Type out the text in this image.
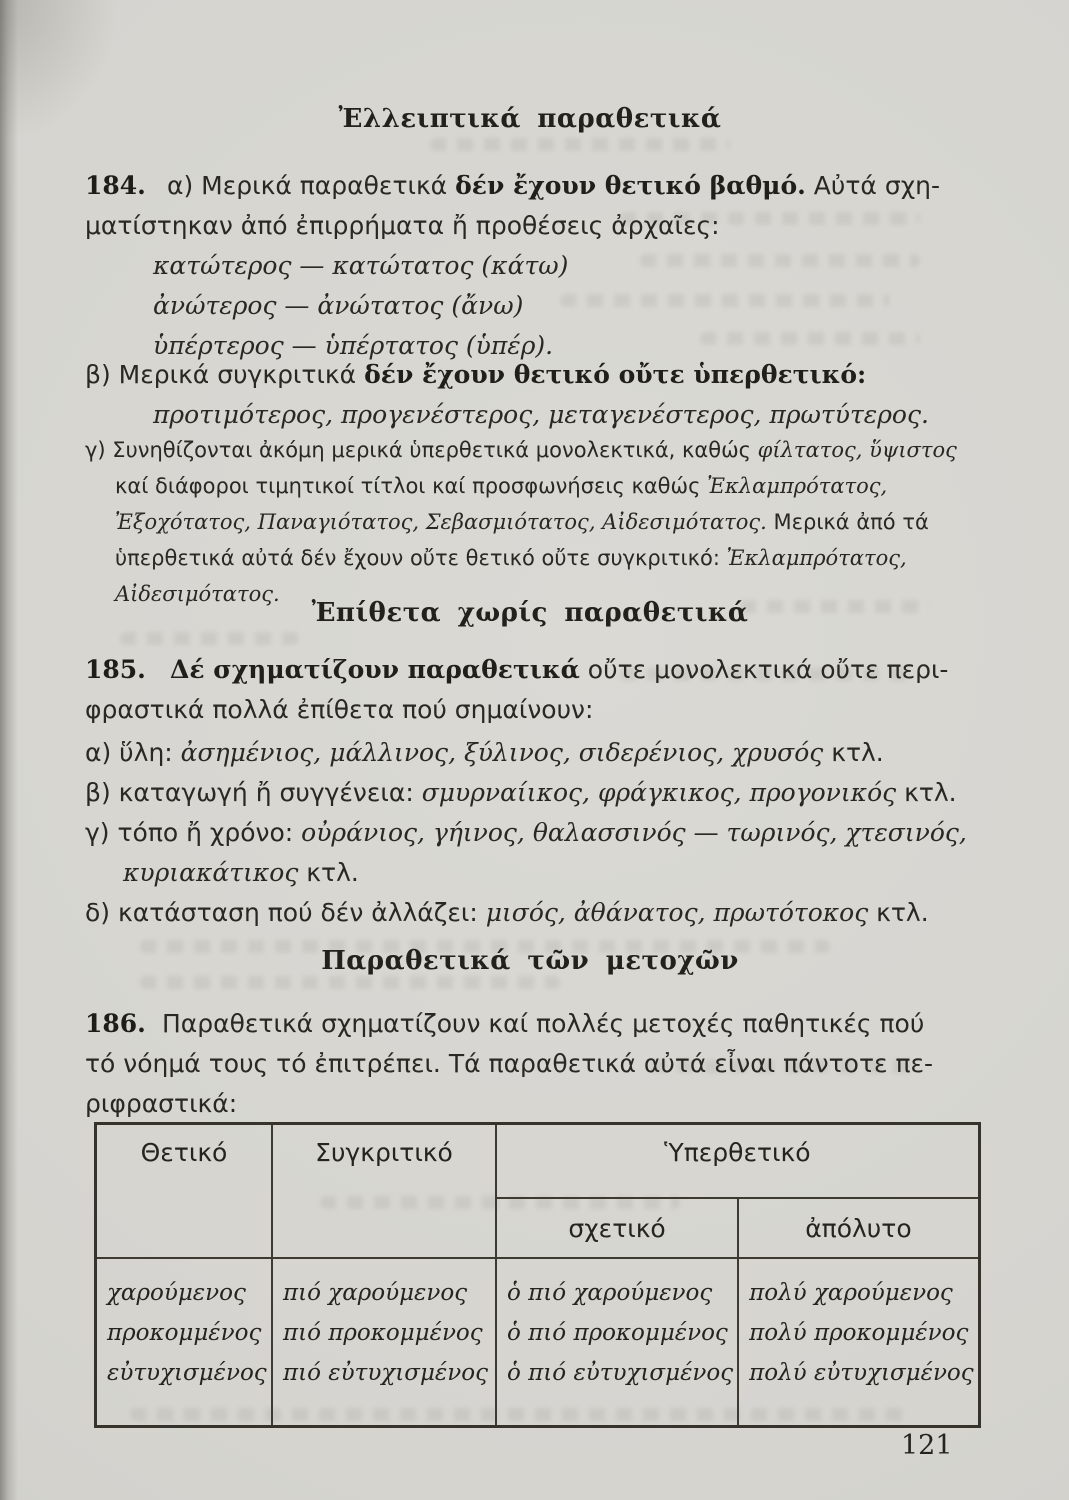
Ἐλλειπτικά παραθετικά
184. α) Μερικά παραθετικά δέν ἔχουν θετικό βαθμό. Αὐτά σχη-
ματίστηκαν ἀπό ἐπιρρήματα ἤ προθέσεις ἀρχαῖες:
κατώτερος — κατώτατος (κάτω)
ἀνώτερος — ἀνώτατος (ἄνω)
ὑπέρτερος — ὑπέρτατος (ὑπέρ).
β) Μερικά συγκριτικά δέν ἔχουν θετικό οὔτε ὑπερθετικό:
προτιμότερος, προγενέστερος, μεταγενέστερος, πρωτύτερος.
γ) Συνηθίζονται ἀκόμη μερικά ὑπερθετικά μονολεκτικά, καθώς φίλτατος, ὕψιστος
καί διάφοροι τιμητικοί τίτλοι καί προσφωνήσεις καθώς Ἐκλαμπρότατος,
Ἐξοχότατος, Παναγιότατος, Σεβασμιότατος, Αἰδεσιμότατος. Μερικά ἀπό τά
ὑπερθετικά αὐτά δέν ἔχουν οὔτε θετικό οὔτε συγκριτικό: Ἐκλαμπρότατος,
Αἰδεσιμότατος.
Ἐπίθετα χωρίς παραθετικά
185. Δέ σχηματίζουν παραθετικά οὔτε μονολεκτικά οὔτε περι-
φραστικά πολλά ἐπίθετα πού σημαίνουν:
α) ὕλη: ἀσημένιος, μάλλινος, ξύλινος, σιδερένιος, χρυσός κτλ.
β) καταγωγή ἤ συγγένεια: σμυρναίικος, φράγκικος, προγονικός κτλ.
γ) τόπο ἤ χρόνο: οὐράνιος, γήινος, θαλασσινός — τωρινός, χτεσινός,
κυριακάτικος κτλ.
δ) κατάσταση πού δέν ἀλλάζει: μισός, ἀθάνατος, πρωτότοκος κτλ.
Παραθετικά τῶν μετοχῶν
186. Παραθετικά σχηματίζουν καί πολλές μετοχές παθητικές πού
τό νόημά τους τό ἐπιτρέπει. Τά παραθετικά αὐτά εἶναι πάντοτε πε-
ριφραστικά:
Θετικό	Συγκριτικό	Ὑπερθετικό	
		σχετικό	ἀπόλυτο

χαρούμενος
προκομμένος
εὐτυχισμένος

πιό χαρούμενος
πιό προκομμένος
πιό εὐτυχισμένος

ὁ πιό χαρούμενος
ὁ πιό προκομμένος
ὁ πιό εὐτυχισμένος

πολύ χαρούμενος
πολύ προκομμένος
πολύ εὐτυχισμένος
121
